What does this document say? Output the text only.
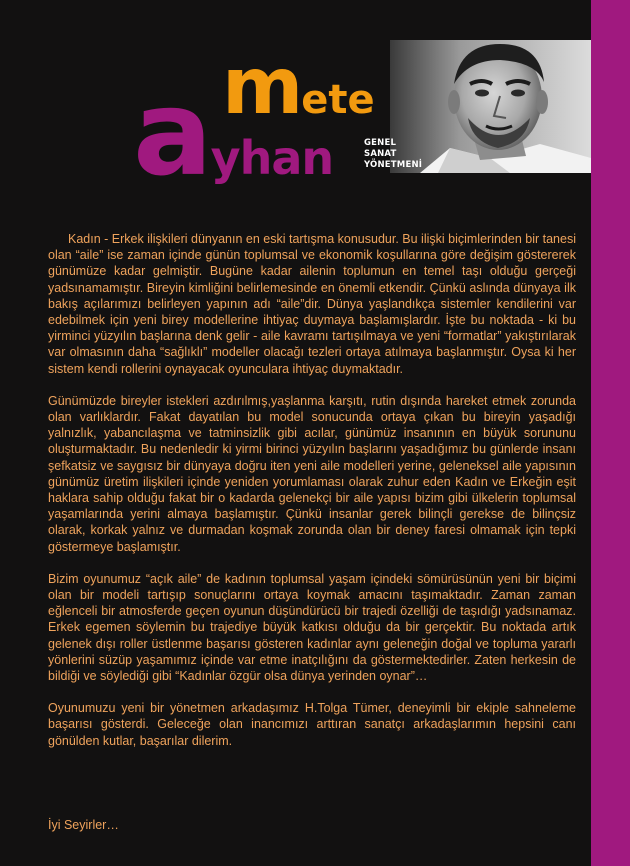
mete
ayhan	GENEL
SANAT
YÖNETMENİ

Kadın - Erkek ilişkileri dünyanın en eski tartışma konusudur. Bu ilişki biçimlerinden bir tanesi olan “aile” ise zaman içinde günün toplumsal ve ekonomik koşullarına göre değişim göstererek günümüze kadar gelmiştir. Bugüne kadar ailenin toplumun en temel taşı olduğu gerçeği yadsınamamıştır. Bireyin kimliğini belirlemesinde en önemli etkendir. Çünkü aslında dünyaya ilk bakış açılarımızı belirleyen yapının adı “aile”dir. Dünya yaşlandıkça sistemler kendilerini var edebilmek için yeni birey modellerine ihtiyaç duymaya başlamışlardır. İşte bu noktada - ki bu yirminci yüzyılın başlarına denk gelir - aile kavramı tartışılmaya ve yeni “formatlar” yakıştırılarak var olmasının daha “sağlıklı” modeller olacağı tezleri ortaya atılmaya başlanmıştır. Oysa ki her sistem kendi rollerini oynayacak oyunculara ihtiyaç duymaktadır.

Günümüzde bireyler istekleri azdırılmış,yaşlanma karşıtı, rutin dışında hareket etmek zorunda olan varlıklardır. Fakat dayatılan bu model sonucunda ortaya çıkan bu bireyin yaşadığı yalnızlık, yabancılaşma ve tatminsizlik gibi acılar, günümüz insanının en büyük sorununu oluşturmaktadır. Bu nedenledir ki yirmi birinci yüzyılın başlarını yaşadığımız bu günlerde insanı şefkatsiz ve saygısız bir dünyaya doğru iten yeni aile modelleri yerine, geleneksel aile yapısının günümüz üretim ilişkileri içinde yeniden yorumlaması olarak zuhur eden Kadın ve Erkeğin eşit haklara sahip olduğu fakat bir o kadarda gelenekçi bir aile yapısı bizim gibi ülkelerin toplumsal yaşamlarında yerini almaya başlamıştır. Çünkü insanlar gerek bilinçli gerekse de bilinçsiz olarak, korkak yalnız ve durmadan koşmak zorunda olan bir deney faresi olmamak için tepki göstermeye başlamıştır.

Bizim oyunumuz “açık aile” de kadının toplumsal yaşam içindeki sömürüsünün yeni bir biçimi olan bir modeli tartışıp sonuçlarını ortaya koymak amacını taşımaktadır. Zaman zaman eğlenceli bir atmosferde geçen oyunun düşündürücü bir trajedi özelliği de taşıdığı yadsınamaz. Erkek egemen söylemin bu trajediye büyük katkısı olduğu da bir gerçektir. Bu noktada artık gelenek dışı roller üstlenme başarısı gösteren kadınlar aynı geleneğin doğal ve topluma yararlı yönlerini süzüp yaşamımız içinde var etme inatçılığını da göstermektedirler. Zaten herkesin de bildiği ve söylediği gibi “Kadınlar özgür olsa dünya yerinden oynar”…

Oyunumuzu yeni bir yönetmen arkadaşımız H.Tolga Tümer, deneyimli bir ekiple sahneleme başarısı gösterdi. Geleceğe olan inancımızı arttıran sanatçı arkadaşlarımın hepsini canı gönülden kutlar, başarılar dilerim.

İyi Seyirler…
